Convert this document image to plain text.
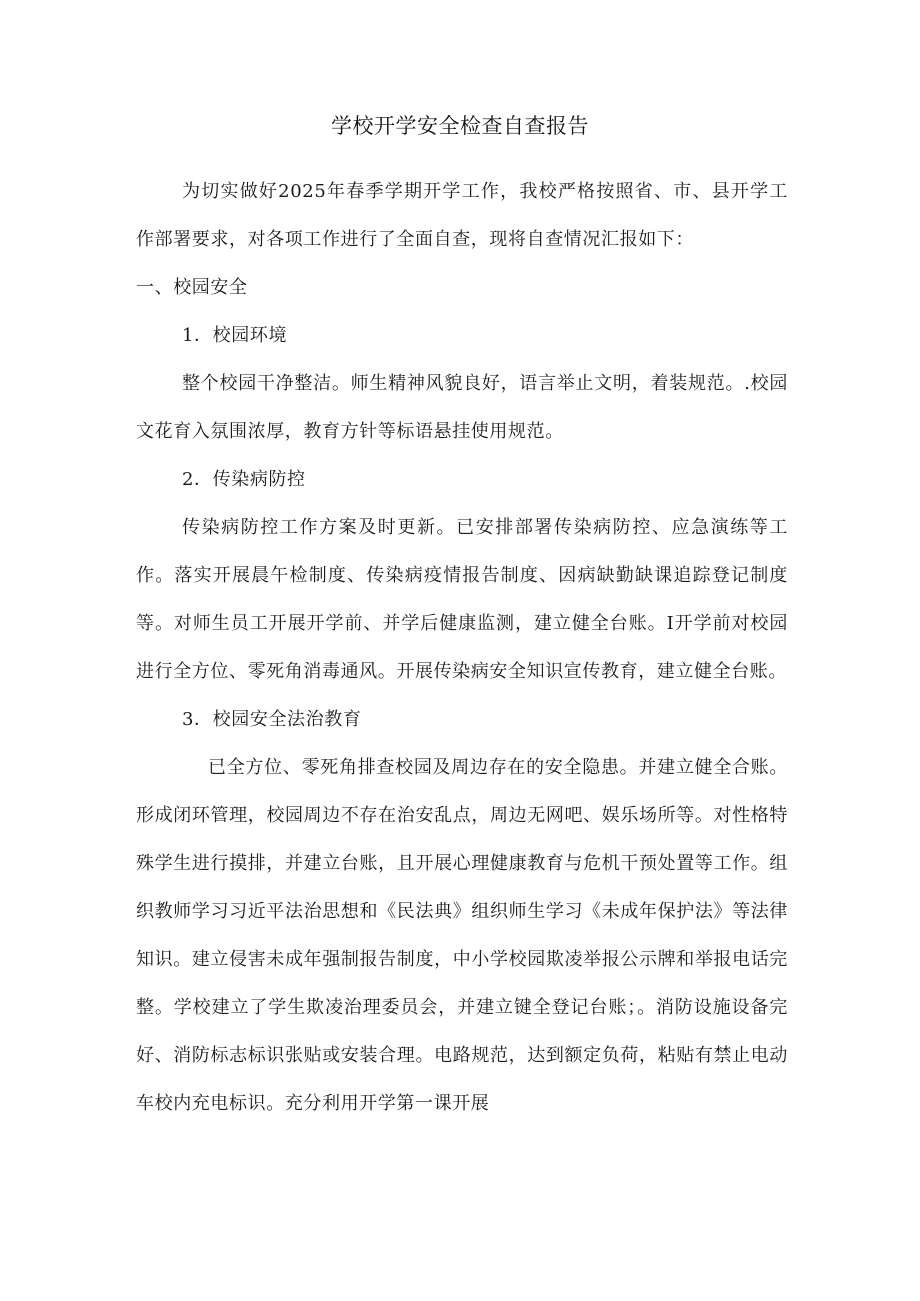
学校开学安全检查自查报告

为切实做好2025年春季学期开学工作，我校严格按照省、市、县开学工作部署要求，对各项工作进行了全面自查，现将自查情况汇报如下：

一、校园安全

1．校园环境

整个校园干净整洁。师生精神风貌良好，语言举止文明，着装规范。.校园文花育入氛围浓厚，教育方针等标语悬挂使用规范。

2．传染病防控

传染病防控工作方案及时更新。已安排部署传染病防控、应急演练等工作。落实开展晨午检制度、传染病疫情报告制度、因病缺勤缺课追踪登记制度等。对师生员工开展开学前、并学后健康监测，建立健全台账。I开学前对校园进行全方位、零死角消毒通风。开展传染病安全知识宣传教育，建立健全台账。

3．校园安全法治教育

已全方位、零死角排查校园及周边存在的安全隐患。并建立健全合账。形成闭环管理，校园周边不存在治安乱点，周边无网吧、娱乐场所等。对性格特殊学生进行摸排，并建立台账，且开展心理健康教育与危机干预处置等工作。组织教师学习习近平法治思想和《民法典》组织师生学习《未成年保护法》等法律知识。建立侵害未成年强制报告制度，中小学校园欺凌举报公示牌和举报电话完整。学校建立了学生欺凌治理委员会，并建立键全登记台账；。消防设施设备完好、消防标志标识张贴或安装合理。电路规范，达到额定负荷，粘贴有禁止电动车校内充电标识。充分利用开学第一课开展
